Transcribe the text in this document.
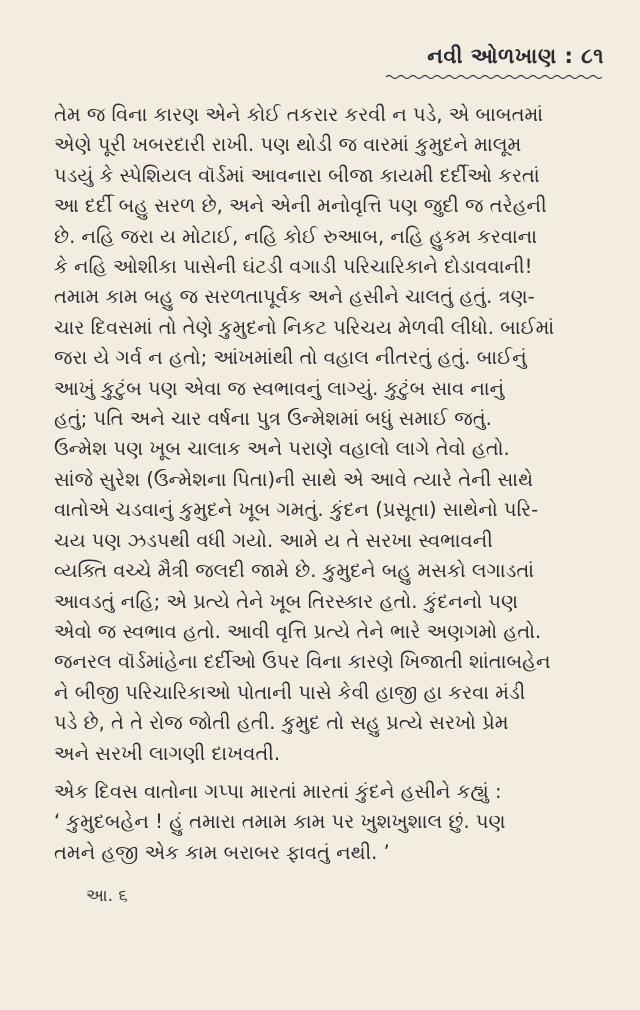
નવી ઓળખાણ : ૮૧

તેમ જ વિના કારણ એને કોઈ તકરાર કરવી ન પડે, એ બાબતમાં
એણે પૂરી ખબરદારી રાખી. પણ થોડી જ વારમાં કુમુદને માલૂમ
પડયું કે સ્પેશિયલ વૉર્ડમાં આવનારા બીજા કાયમી દર્દીઓ કરતાં
આ દર્દી બહુ સરળ છે, અને એની મનોવૃત્તિ પણ જુદી જ તરેહની
છે. નહિ જરા ય મોટાઈ, નહિ કોઈ રુઆબ, નહિ હુકમ કરવાના
કે નહિ ઓશીકા પાસેની ઘંટડી વગાડી પરિચારિકાને દોડાવવાની!
તમામ કામ બહુ જ સરળતાપૂર્વક અને હસીને ચાલતું હતું. ત્રણ-
ચાર દિવસમાં તો તેણે કુમુદનો નિકટ પરિચય મેળવી લીધો. બાઈમાં
જરા યે ગર્વ ન હતો; આંખમાંથી તો વહાલ નીતરતું હતું. બાઈનું
આખું કુટુંબ પણ એવા જ સ્વભાવનું લાગ્યું. કુટુંબ સાવ નાનું
હતું; પતિ અને ચાર વર્ષના પુત્ર ઉન્મેશમાં બધું સમાઈ જતું.
ઉન્મેશ પણ ખૂબ ચાલાક અને પરાણે વહાલો લાગે તેવો હતો.
સાંજે સુરેશ (ઉન્મેશના પિતા)ની સાથે એ આવે ત્યારે તેની સાથે
વાતોએ ચડવાનું કુમુદને ખૂબ ગમતું. કુંદન (પ્રસૂતા) સાથેનો પરિ-
ચય પણ ઝડપથી વધી ગયો. આમે ય તે સરખા સ્વભાવની
વ્યક્તિ વચ્ચે મૈત્રી જલદી જામે છે. કુમુદને બહુ મસકો લગાડતાં
આવડતું નહિ; એ પ્રત્યે તેને ખૂબ તિરસ્કાર હતો. કુંદનનો પણ
એવો જ સ્વભાવ હતો. આવી વૃત્તિ પ્રત્યે તેને ભારે અણગમો હતો.
જનરલ વૉર્ડમાંહેના દર્દીઓ ઉપર વિના કારણે ખિજાતી શાંતાબહેન
ને બીજી પરિચારિકાઓ પોતાની પાસે કેવી હાજી હા કરવા મંડી
પડે છે, તે તે રોજ જોતી હતી. કુમુદ તો સહુ પ્રત્યે સરખો પ્રેમ
અને સરખી લાગણી દાખવતી.

એક દિવસ વાતોના ગપ્પા મારતાં મારતાં કુંદને હસીને કહ્યું :
‘ કુમુદબહેન ! હું તમારા તમામ કામ પર ખુશખુશાલ છું. પણ
તમને હજી એક કામ બરાબર ફાવતું નથી. ’

આ. ૬
